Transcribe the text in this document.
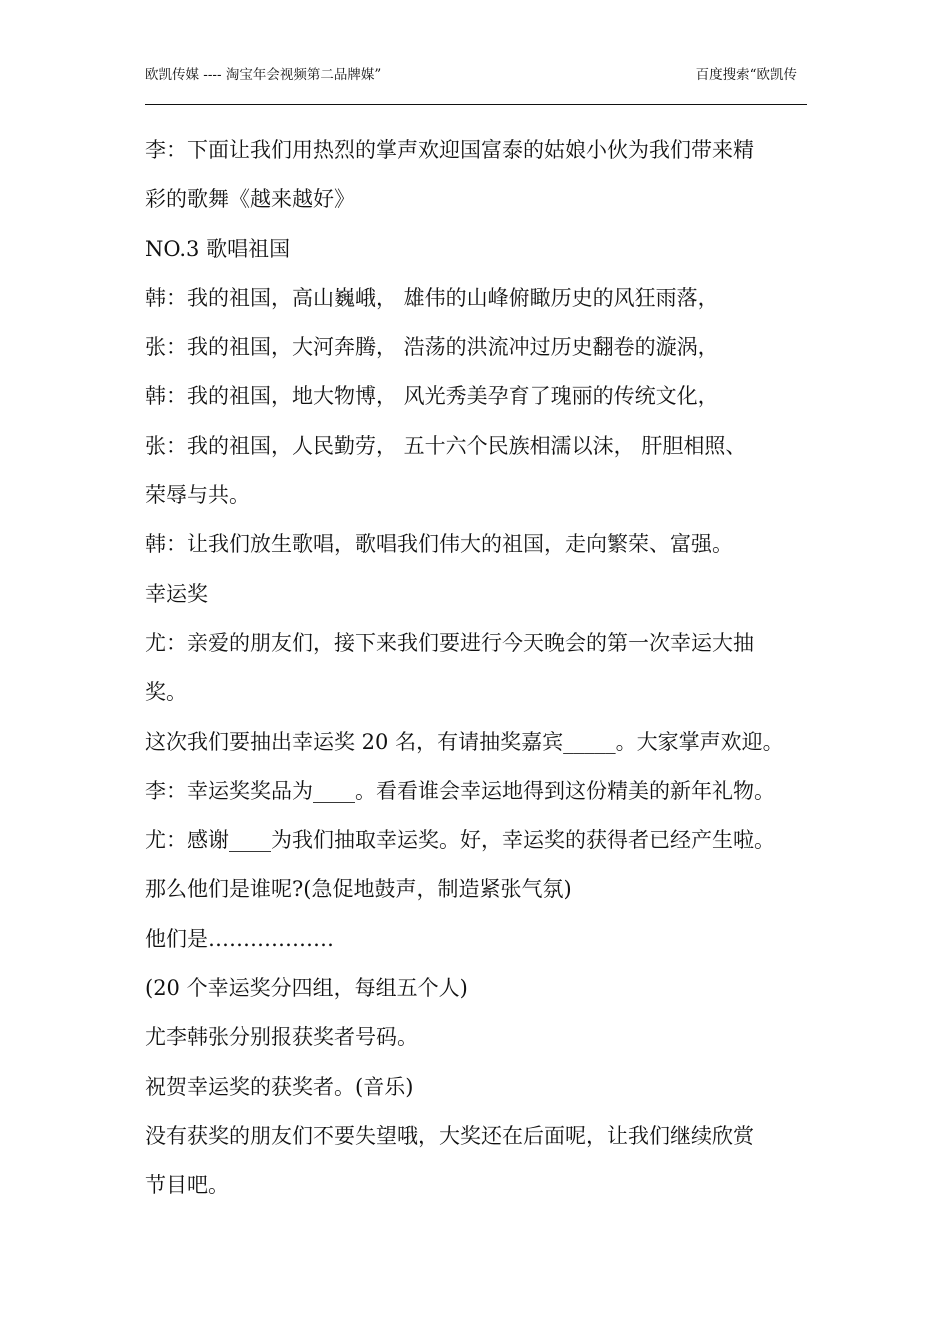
欧凯传媒 ---- 淘宝年会视频第二品牌媒”	百度搜索“欧凯传
李：下面让我们用热烈的掌声欢迎国富泰的姑娘小伙为我们带来精
彩的歌舞《越来越好》
NO.3 歌唱祖国
韩：我的祖国，高山巍峨， 雄伟的山峰俯瞰历史的风狂雨落，
张：我的祖国，大河奔腾， 浩荡的洪流冲过历史翻卷的漩涡，
韩：我的祖国，地大物博， 风光秀美孕育了瑰丽的传统文化，
张：我的祖国，人民勤劳， 五十六个民族相濡以沫， 肝胆相照、
荣辱与共。
韩：让我们放生歌唱，歌唱我们伟大的祖国，走向繁荣、富强。
幸运奖
尤：亲爱的朋友们，接下来我们要进行今天晚会的第一次幸运大抽
奖。
这次我们要抽出幸运奖 20 名，有请抽奖嘉宾_____。大家掌声欢迎。
李：幸运奖奖品为____。看看谁会幸运地得到这份精美的新年礼物。
尤：感谢____为我们抽取幸运奖。好，幸运奖的获得者已经产生啦。
那么他们是谁呢?(急促地鼓声，制造紧张气氛)
他们是………………
(20 个幸运奖分四组，每组五个人)
尤李韩张分别报获奖者号码。
祝贺幸运奖的获奖者。(音乐)
没有获奖的朋友们不要失望哦，大奖还在后面呢，让我们继续欣赏
节目吧。
